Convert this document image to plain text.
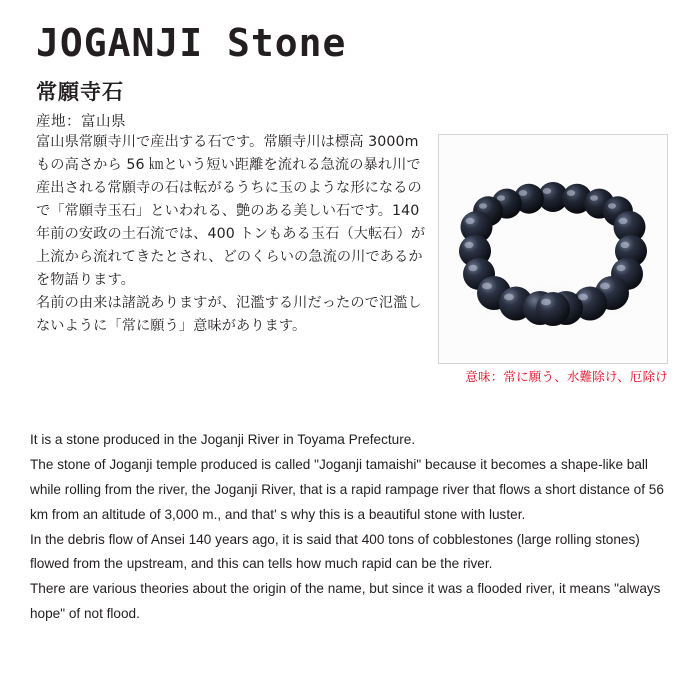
JOGANJI Stone
常願寺石
産地：富山県

富山県常願寺川で産出する石です。常願寺川は標高 3000m もの高さから 56 ㎞という短い距離を流れる急流の暴れ川で産出される常願寺の石は転がるうちに玉のような形になるので「常願寺玉石」といわれる、艶のある美しい石です。140 年前の安政の土石流では、400 トンもある玉石（大転石）が上流から流れてきたとされ、どのくらいの急流の川であるかを物語ります。

名前の由来は諸説ありますが、氾濫する川だったので氾濫しないように「常に願う」意味があります。

意味：常に願う、水難除け、厄除け

It is a stone produced in the Joganji River in Toyama Prefecture.

The stone of Joganji temple produced is called "Joganji tamaishi" because it becomes a shape-like ball while rolling from the river, the Joganji River, that is a rapid rampage river that flows a short distance of 56 km from an altitude of 3,000 m., and that' s why this is a beautiful stone with luster.

In the debris flow of Ansei 140 years ago, it is said that 400 tons of cobblestones (large rolling stones) flowed from the upstream, and this can tells how much rapid can be the river.

There are various theories about the origin of the name, but since it was a flooded river, it means "always hope" of not flood.
